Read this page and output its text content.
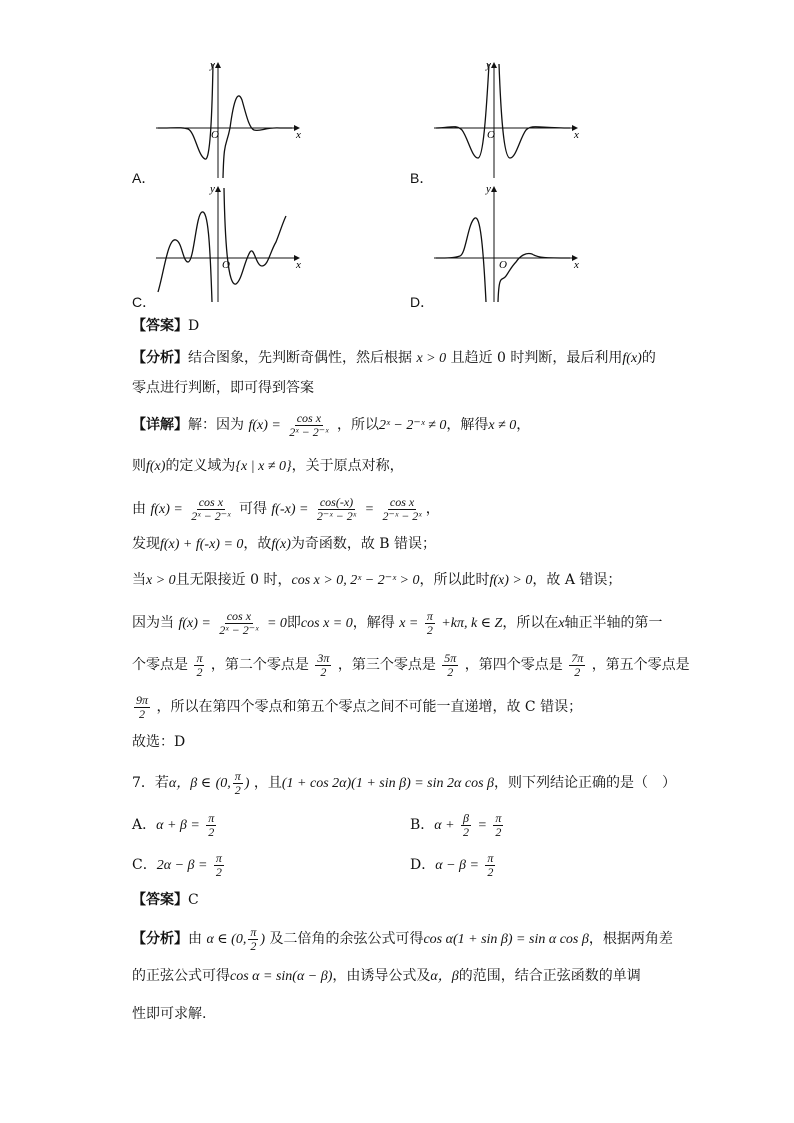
x
y
O
A．
x
y
O
B．
x
y
O
C．
x
y
O
D．
【答案】D
【分析】结合图象，先判断奇偶性，然后根据 x > 0 且趋近 0 时判断，最后利用f(x)的
零点进行判断，即可得到答案
【详解】解：因为 $f(x) = \frac{\text{cos x}}{\text{2ˣ − 2⁻ˣ}}$ ，所以2ˣ − 2⁻ˣ ≠ 0，解得x ≠ 0，
则f(x)的定义域为{x | x ≠ 0}，关于原点对称，
由 $f(x) = \frac{\text{cos x}}{\text{2ˣ − 2⁻ˣ}}$ 可得 $f(-x) = \frac{\cos(-x)}{\text{2⁻ˣ − 2ˣ}} = \frac{\text{cos x}}{\text{2⁻ˣ − 2ˣ}}$ ，
发现f(x) + f(-x) = 0，故f(x)为奇函数，故 B 错误；
当x > 0且无限接近 0 时，cos x > 0, 2ˣ − 2⁻ˣ > 0，所以此时f(x) > 0，故 A 错误；
因为当 $f(x) = \frac{\text{cos x}}{\text{2ˣ − 2⁻ˣ}} = 0$即cos x = 0，解得 $x = \frac{\pi}{2} +k\pi$, k ∈ Z，所以在x轴正半轴的第一
个零点是 $\frac{\pi}{2}$ ，第二个零点是 $\frac{3\pi}{2}$ ，第三个零点是 $\frac{5\pi}{2}$ ，第四个零点是 $\frac{7\pi}{2}$ ，第五个零点是
$\frac{9\pi}{2}$ ，所以在第四个零点和第五个零点之间不可能一直递增，故 C 错误；
故选：D
7．若α，β ∈ (0, $\frac{\pi}{2}$ ) ，且(1 + cos 2α)(1 + sin β) = sin 2α cos β，则下列结论正确的是（　）
A．$\alpha + \beta = \frac{\pi}{2}$	B．$\alpha + \frac{\beta}{2} = \frac{\pi}{2}$
C．$2\alpha - \beta = \frac{\pi}{2}$	D．$\alpha - \beta = \frac{\pi}{2}$
【答案】C
【分析】由 α ∈ (0, $\frac{\pi}{2}$ ) 及二倍角的余弦公式可得cos α(1 + sin β) = sin α cos β，根据两角差
的正弦公式可得cos α = sin(α − β)，由诱导公式及α，β的范围，结合正弦函数的单调
性即可求解.
